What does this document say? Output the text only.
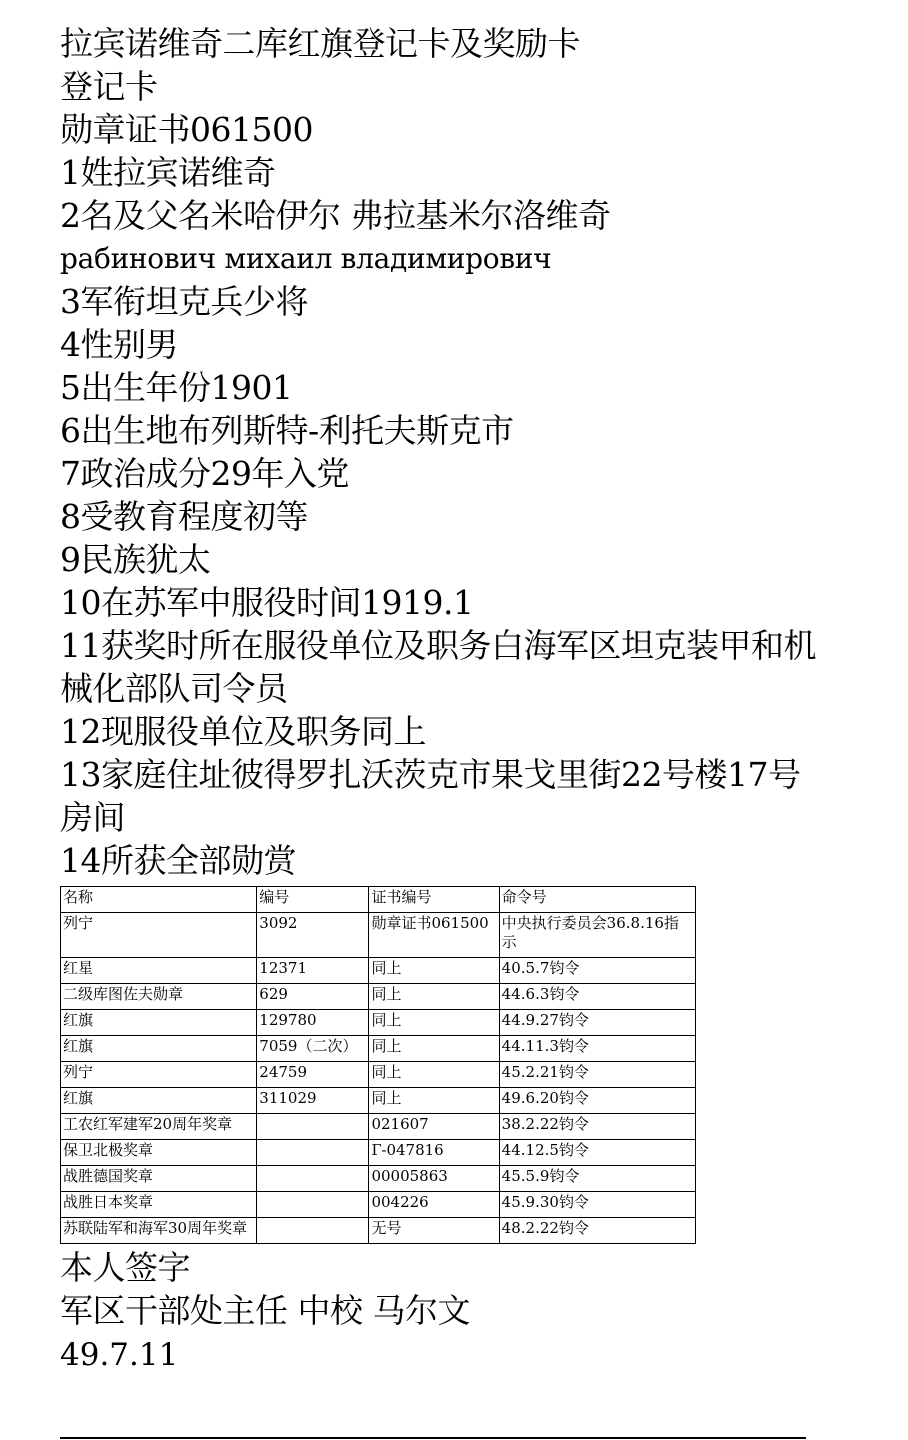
拉宾诺维奇二库红旗登记卡及奖励卡
登记卡
勋章证书061500
1姓拉宾诺维奇
2名及父名米哈伊尔 弗拉基米尔洛维奇
рабинович михаил владимирович
3军衔坦克兵少将
4性别男
5出生年份1901
6出生地布列斯特-利托夫斯克市
7政治成分29年入党
8受教育程度初等
9民族犹太
10在苏军中服役时间1919.1
11获奖时所在服役单位及职务白海军区坦克装甲和机械化部队司令员
12现服役单位及职务同上
13家庭住址彼得罗扎沃茨克市果戈里街22号楼17号房间
14所获全部勋赏
名称	编号	证书编号	命令号
列宁	3092	勋章证书061500	中央执行委员会36.8.16指示
红星	12371	同上	40.5.7钧令
二级库图佐夫勋章	629	同上	44.6.3钧令
红旗	129780	同上	44.9.27钧令
红旗	7059（二次）	同上	44.11.3钧令
列宁	24759	同上	45.2.21钧令
红旗	311029	同上	49.6.20钧令
工农红军建军20周年奖章		021607	38.2.22钧令
保卫北极奖章		Г-047816	44.12.5钧令
战胜德国奖章		00005863	45.5.9钧令
战胜日本奖章		004226	45.9.30钧令
苏联陆军和海军30周年奖章		无号	48.2.22钧令
本人签字
军区干部处主任 中校 马尔文
49.7.11
